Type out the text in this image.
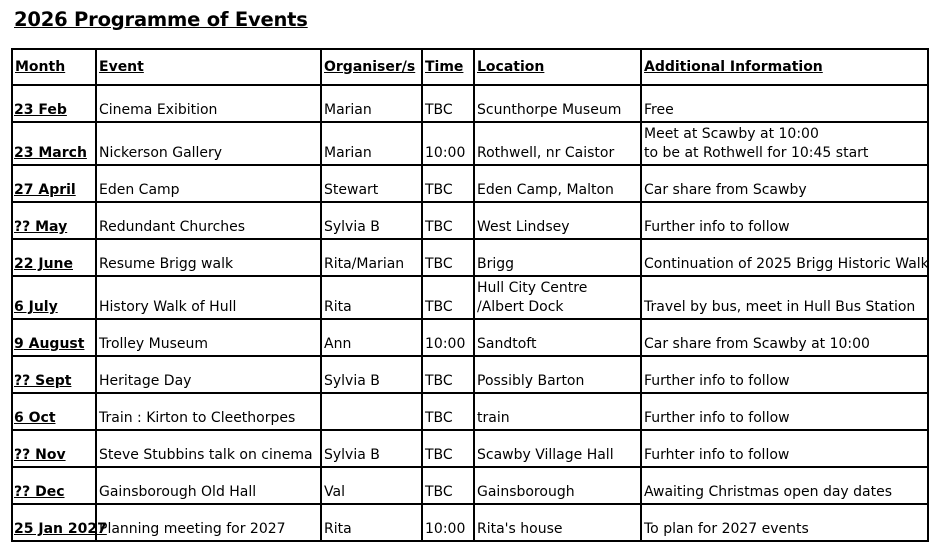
2026 Programme of Events
Month	Event	Organiser/s	Time	Location	Additional Information
23 Feb	Cinema Exibition	Marian	TBC	Scunthorpe Museum	Free

23 March	Nickerson Gallery	Marian	10:00	Rothwell, nr Caistor	Meet at Scawby at 10:00
to be at Rothwell for 10:45 start

27 April	Eden Camp	Stewart	TBC	Eden Camp, Malton	Car share from Scawby

?? May	Redundant Churches	Sylvia B	TBC	West Lindsey	Further info to follow

22 June	Resume Brigg walk	Rita/Marian	TBC	Brigg	Continuation of 2025 Brigg Historic Walk

6 July	History Walk of Hull	Rita	TBC	Hull City Centre
/Albert Dock	Travel by bus, meet in Hull Bus Station

9 August	Trolley Museum	Ann	10:00	Sandtoft	Car share from Scawby at 10:00

?? Sept	Heritage Day	Sylvia B	TBC	Possibly Barton	Further info to follow

6 Oct	Train : Kirton to Cleethorpes		TBC	train	Further info to follow

?? Nov	Steve Stubbins talk on cinema	Sylvia B	TBC	Scawby Village Hall	Furhter info to follow

?? Dec	Gainsborough Old Hall	Val	TBC	Gainsborough	Awaiting Christmas open day dates

25 Jan 2027	Planning meeting for 2027	Rita	10:00	Rita's house	To plan for 2027 events
